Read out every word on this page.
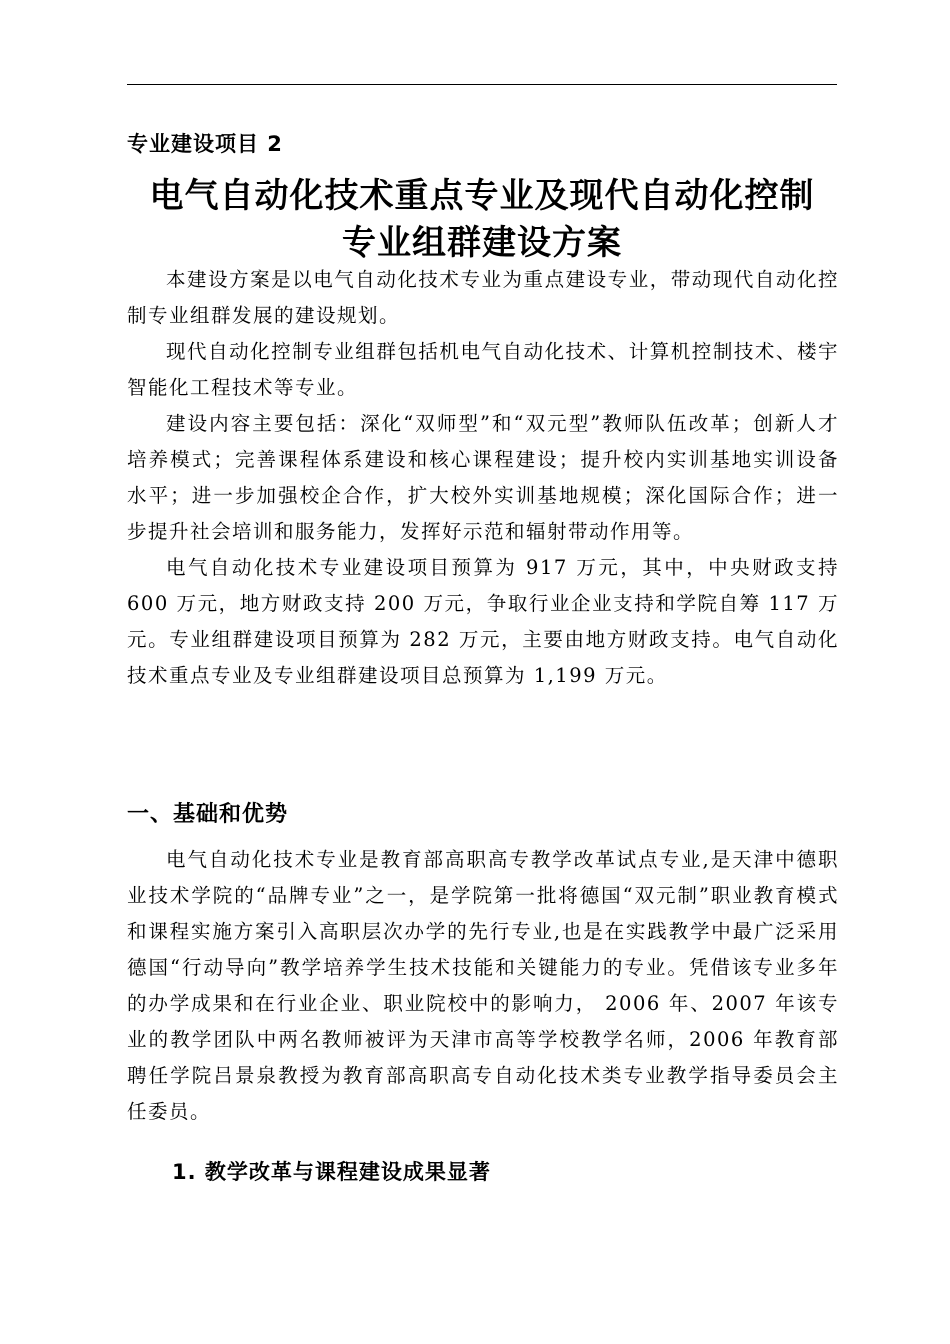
专业建设项目 2
电气自动化技术重点专业及现代自动化控制
专业组群建设方案

本建设方案是以电气自动化技术专业为重点建设专业，带动现代自动化控制专业组群发展的建设规划。

现代自动化控制专业组群包括机电气自动化技术、计算机控制技术、楼宇智能化工程技术等专业。

建设内容主要包括：深化“双师型”和“双元型”教师队伍改革；创新人才培养模式；完善课程体系建设和核心课程建设；提升校内实训基地实训设备水平；进一步加强校企合作，扩大校外实训基地规模；深化国际合作；进一步提升社会培训和服务能力，发挥好示范和辐射带动作用等。

电气自动化技术专业建设项目预算为 917 万元，其中，中央财政支持 600 万元，地方财政支持 200 万元，争取行业企业支持和学院自筹 117 万元。专业组群建设项目预算为 282 万元，主要由地方财政支持。电气自动化技术重点专业及专业组群建设项目总预算为 1,199 万元。

一、基础和优势

电气自动化技术专业是教育部高职高专教学改革试点专业,是天津中德职业技术学院的“品牌专业”之一，是学院第一批将德国“双元制”职业教育模式和课程实施方案引入高职层次办学的先行专业,也是在实践教学中最广泛采用德国“行动导向”教学培养学生技术技能和关键能力的专业。凭借该专业多年的办学成果和在行业企业、职业院校中的影响力， 2006 年、2007 年该专业的教学团队中两名教师被评为天津市高等学校教学名师，2006 年教育部聘任学院吕景泉教授为教育部高职高专自动化技术类专业教学指导委员会主任委员。

1. 教学改革与课程建设成果显著
